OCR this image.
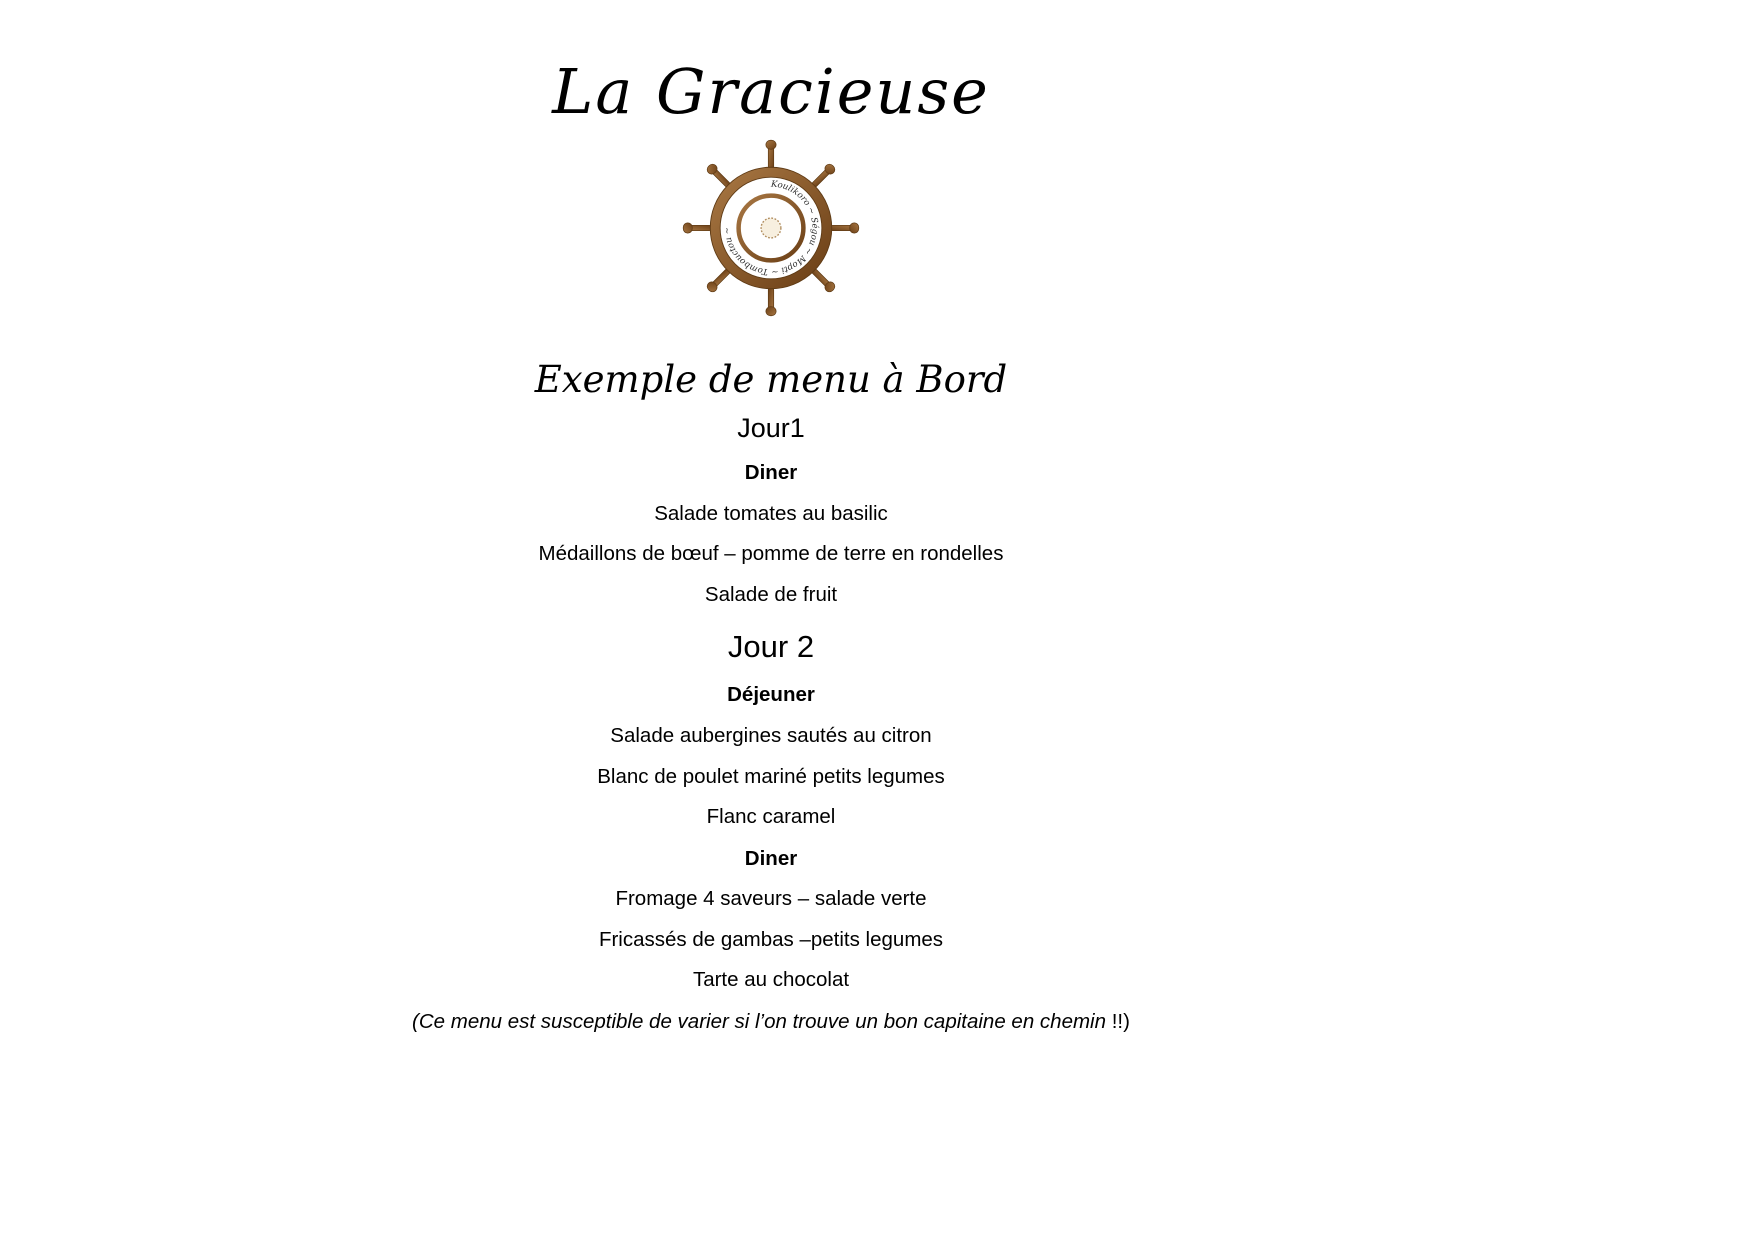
La Gracieuse
Koulikoro ~ Ségou ~ Mopti ~ Tombouctou ~
Exemple de menu à Bord
Jour1
Diner
Salade tomates au basilic
Médaillons de bœuf – pomme de terre en rondelles
Salade de fruit
Jour 2
Déjeuner
Salade aubergines sautés au citron
Blanc de poulet mariné petits legumes
Flanc caramel
Diner
Fromage 4 saveurs – salade verte
Fricassés de gambas –petits legumes
Tarte au chocolat
(Ce menu est susceptible de varier si l’on trouve un bon capitaine en chemin !!)
